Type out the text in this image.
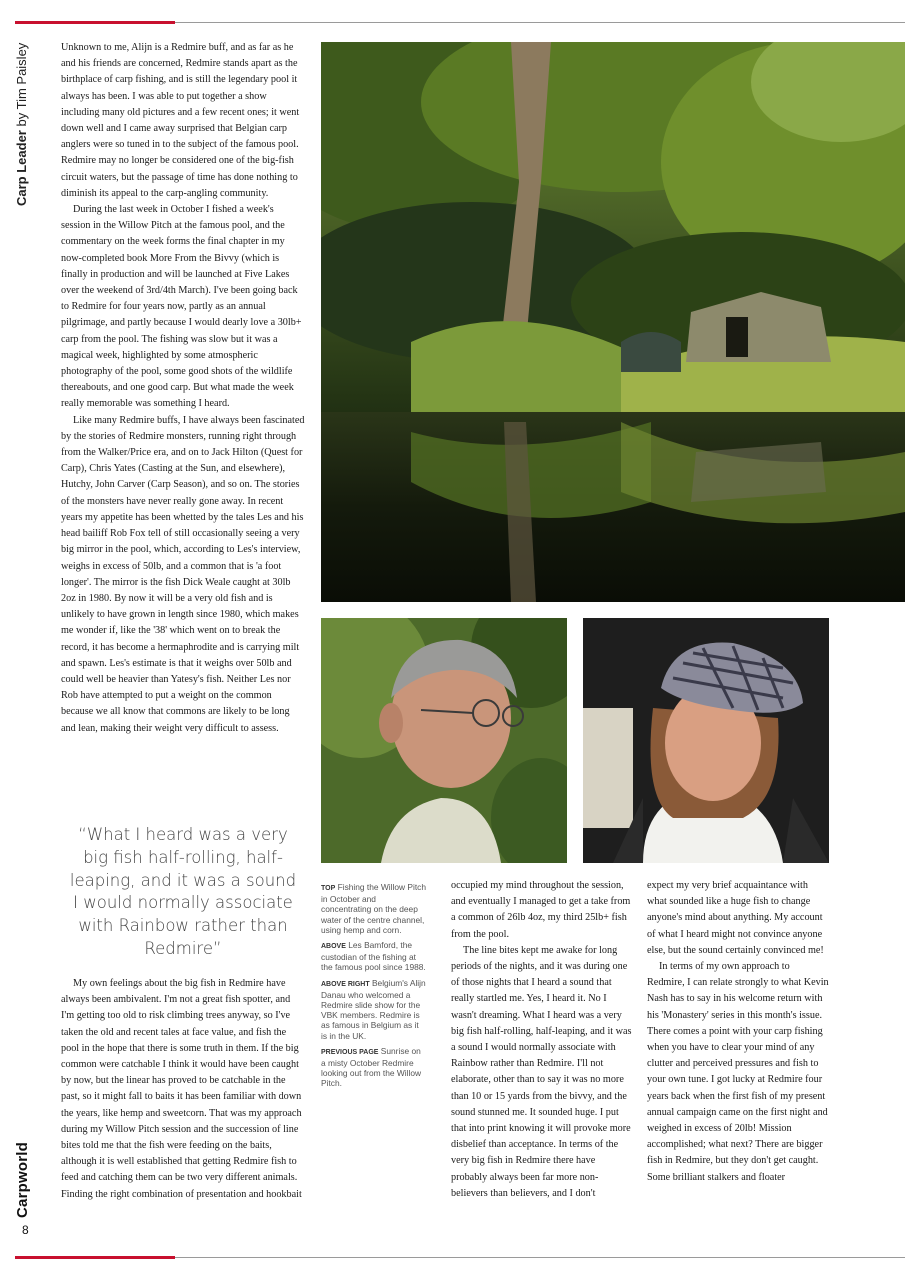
Carp Leader by Tim Paisley	Unknown to me, Alijn is a Redmire buff, and as far as he and his friends are concerned, Redmire stands apart as the birthplace of carp fishing, and is still the legendary pool it always has been. I was able to put together a show including many old pictures and a few recent ones; it went down well and I came away surprised that Belgian carp anglers were so tuned in to the subject of the famous pool. Redmire may no longer be considered one of the big-fish circuit waters, but the passage of time has done nothing to diminish its appeal to the carp-angling community.

During the last week in October I fished a week's session in the Willow Pitch at the famous pool, and the commentary on the week forms the final chapter in my now-completed book More From the Bivvy (which is finally in production and will be launched at Five Lakes over the weekend of 3rd/4th March). I've been going back to Redmire for four years now, partly as an annual pilgrimage, and partly because I would dearly love a 30lb+ carp from the pool. The fishing was slow but it was a magical week, highlighted by some atmospheric photography of the pool, some good shots of the wildlife thereabouts, and one good carp. But what made the week really memorable was something I heard.

Like many Redmire buffs, I have always been fascinated by the stories of Redmire monsters, running right through from the Walker/Price era, and on to Jack Hilton (Quest for Carp), Chris Yates (Casting at the Sun, and elsewhere), Hutchy, John Carver (Carp Season), and so on. The stories of the monsters have never really gone away. In recent years my appetite has been whetted by the tales Les and his head bailiff Rob Fox tell of still occasionally seeing a very big mirror in the pool, which, according to Les's interview, weighs in excess of 50lb, and a common that is 'a foot longer'. The mirror is the fish Dick Weale caught at 30lb 2oz in 1980. By now it will be a very old fish and is unlikely to have grown in length since 1980, which makes me wonder if, like the '38' which went on to break the record, it has become a hermaphrodite and is carrying milt and spawn. Les's estimate is that it weighs over 50lb and could well be heavier than Yatesy's fish. Neither Les nor Rob have attempted to put a weight on the common because we all know that commons are likely to be long and lean, making their weight very difficult to assess.

“What I heard was a very big fish half-rolling, half-leaping, and it was a sound I would normally associate with Rainbow rather than Redmire”

My own feelings about the big fish in Redmire have always been ambivalent. I'm not a great fish spotter, and I'm getting too old to risk climbing trees anyway, so I've taken the old and recent tales at face value, and fish the pool in the hope that there is some truth in them. If the big common were catchable I think it would have been caught by now, but the linear has proved to be catchable in the past, so it might fall to baits it has been familiar with down the years, like hemp and sweetcorn. That was my approach during my Willow Pitch session and the succession of line bites told me that the fish were feeding on the baits, although it is well established that getting Redmire fish to feed and catching them can be two very different animals. Finding the right combination of presentation and hookbait

TOP Fishing the Willow Pitch in October and concentrating on the deep water of the centre channel, using hemp and corn.
ABOVE Les Bamford, the custodian of the fishing at the famous pool since 1988.
ABOVE RIGHT Belgium's Alijn Danau who welcomed a Redmire slide show for the VBK members. Redmire is as famous in Belgium as it is in the UK.
PREVIOUS PAGE Sunrise on a misty October Redmire looking out from the Willow Pitch.

occupied my mind throughout the session, and eventually I managed to get a take from a common of 26lb 4oz, my third 25lb+ fish from the pool.

The line bites kept me awake for long periods of the nights, and it was during one of those nights that I heard a sound that really startled me. Yes, I heard it. No I wasn't dreaming. What I heard was a very big fish half-rolling, half-leaping, and it was a sound I would normally associate with Rainbow rather than Redmire. I'll not elaborate, other than to say it was no more than 10 or 15 yards from the bivvy, and the sound stunned me. It sounded huge. I put that into print knowing it will provoke more disbelief than acceptance. In terms of the very big fish in Redmire there have probably always been far more non-believers than believers, and I don't

expect my very brief acquaintance with what sounded like a huge fish to change anyone's mind about anything. My account of what I heard might not convince anyone else, but the sound certainly convinced me!

In terms of my own approach to Redmire, I can relate strongly to what Kevin Nash has to say in his welcome return with his 'Monastery' series in this month's issue. There comes a point with your carp fishing when you have to clear your mind of any clutter and perceived pressures and fish to your own tune. I got lucky at Redmire four years back when the first fish of my present annual campaign came on the first night and weighed in excess of 20lb! Mission accomplished; what next? There are bigger fish in Redmire, but they don't get caught. Some brilliant stalkers and floater

Carpworld
8
